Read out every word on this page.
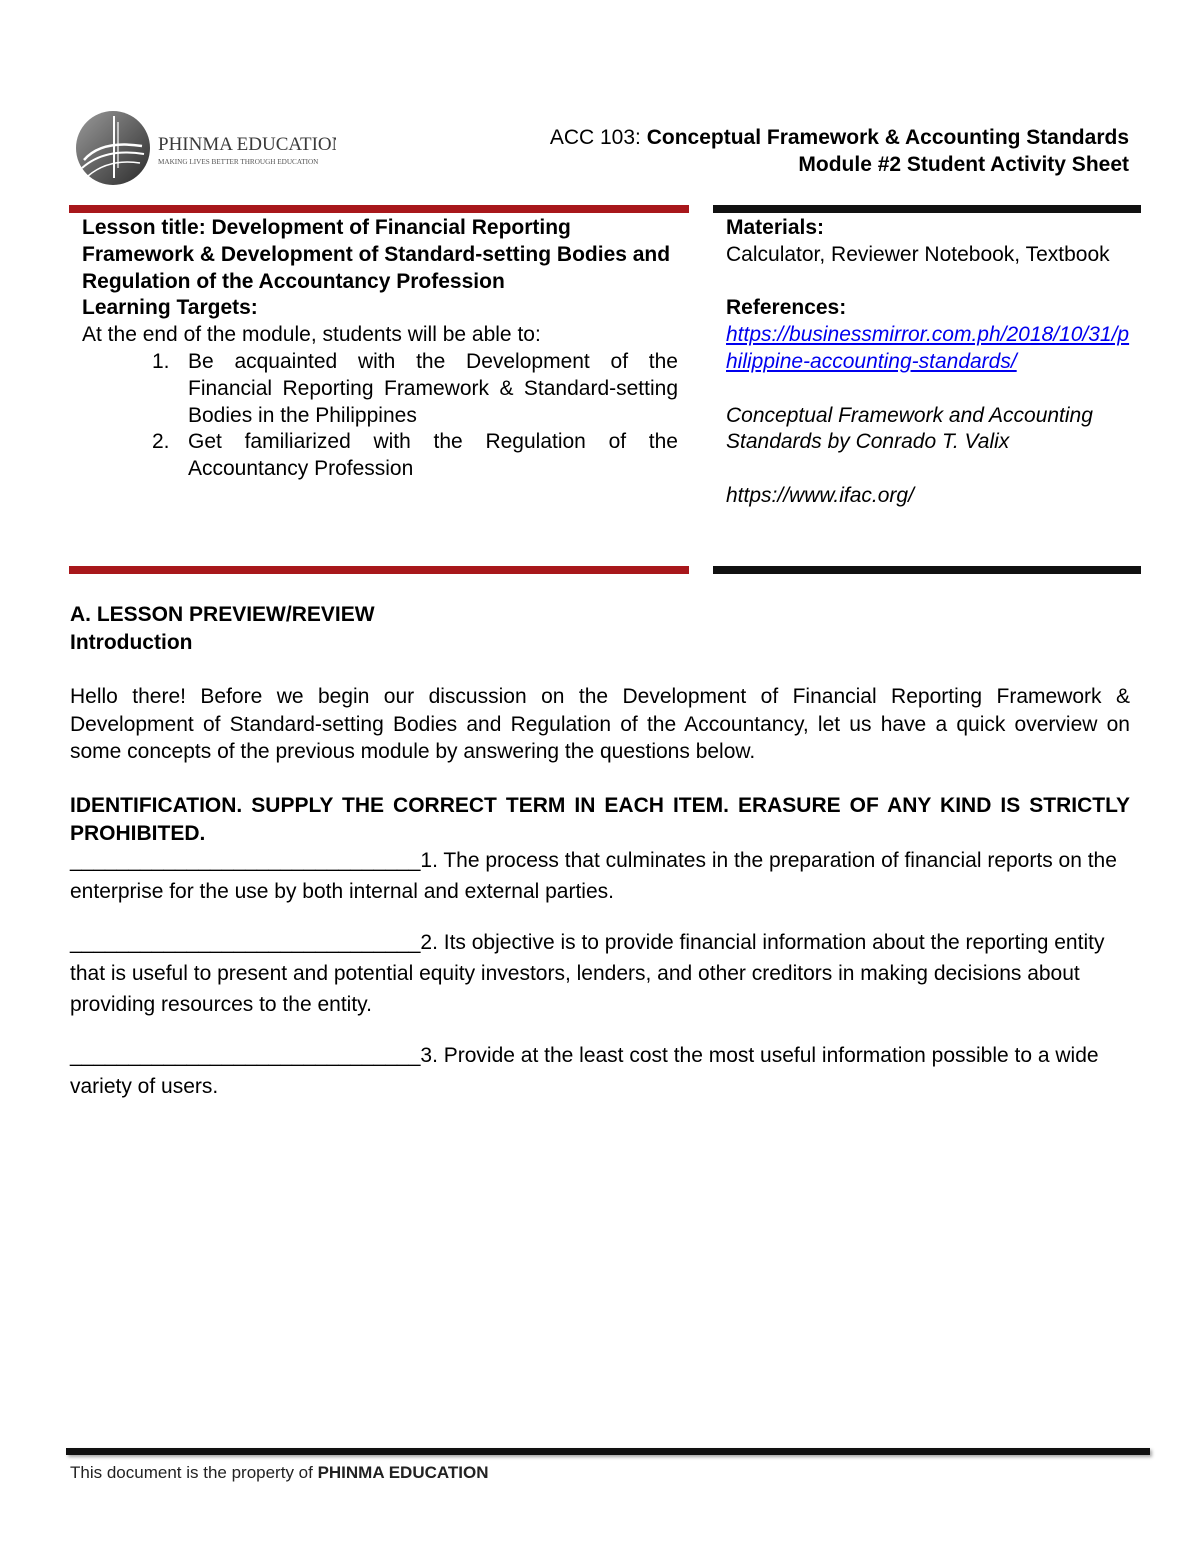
PHINMA EDUCATION
MAKING LIVES BETTER THROUGH EDUCATION
ACC 103: Conceptual Framework & Accounting Standards
Module #2 Student Activity Sheet
Lesson title: Development of Financial Reporting Framework & Development of Standard-setting Bodies and Regulation of the Accountancy Profession
Learning Targets:
At the end of the module, students will be able to:
1. Be acquainted with the Development of the Financial Reporting Framework & Standard-setting Bodies in the Philippines
2. Get familiarized with the Regulation of the Accountancy Profession
Materials:
Calculator, Reviewer Notebook, Textbook
References:
https://businessmirror.com.ph/2018/10/31/philippine-accounting-standards/
Conceptual Framework and Accounting Standards by Conrado T. Valix
https://www.ifac.org/
A. LESSON PREVIEW/REVIEW
Introduction
Hello there! Before we begin our discussion on the Development of Financial Reporting Framework & Development of Standard-setting Bodies and Regulation of the Accountancy, let us have a quick overview on some concepts of the previous module by answering the questions below.
IDENTIFICATION. SUPPLY THE CORRECT TERM IN EACH ITEM. ERASURE OF ANY KIND IS STRICTLY PROHIBITED.
______________________________1. The process that culminates in the preparation of financial reports on the enterprise for the use by both internal and external parties.
______________________________2. Its objective is to provide financial information about the reporting entity that is useful to present and potential equity investors, lenders, and other creditors in making decisions about providing resources to the entity.
______________________________3. Provide at the least cost the most useful information possible to a wide variety of users.
This document is the property of PHINMA EDUCATION
